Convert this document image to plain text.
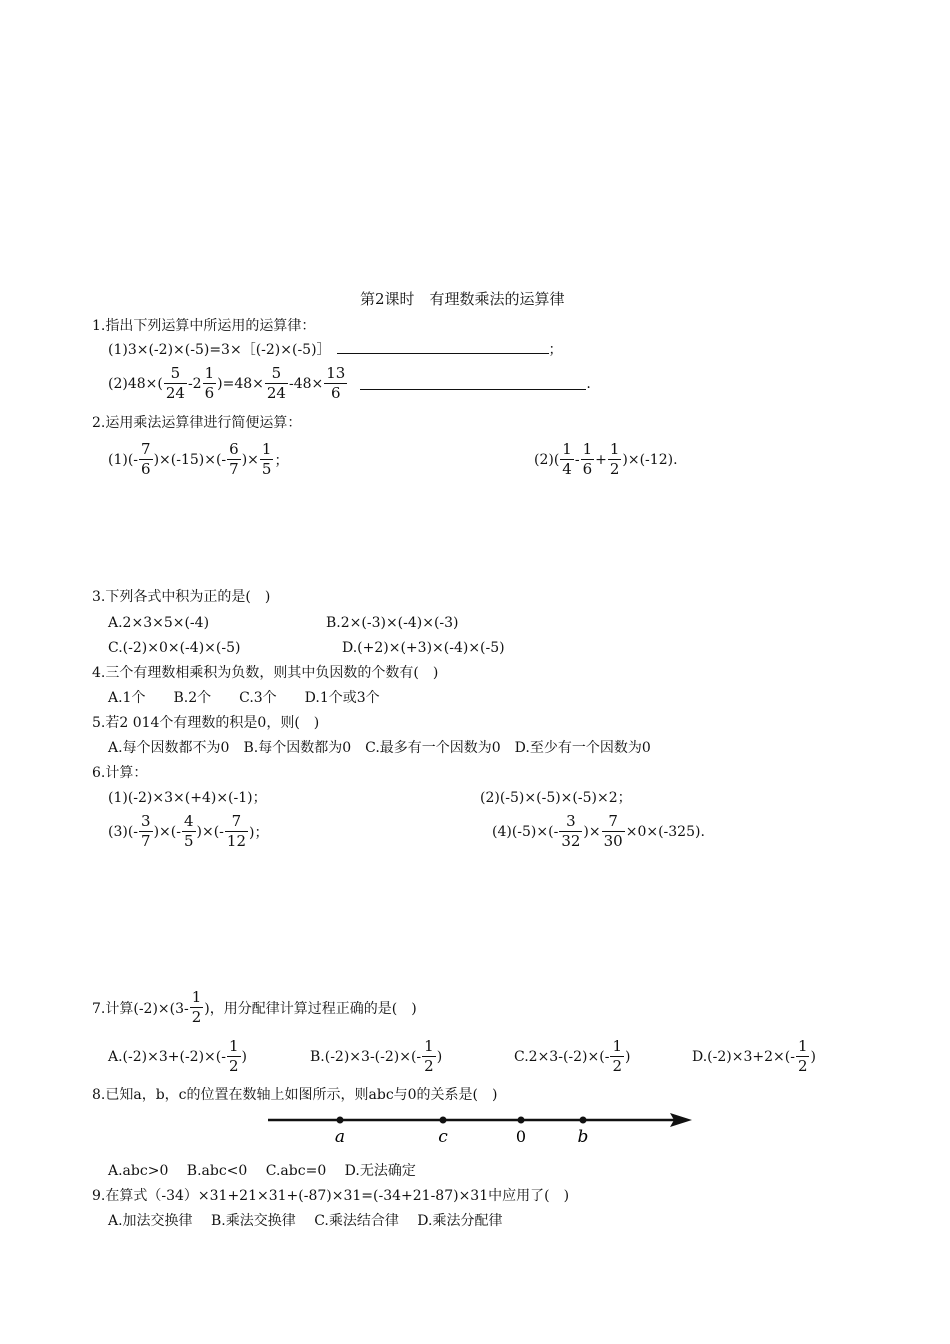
第2课时　有理数乘法的运算律
1.指出下列运算中所运用的运算律：
(1)3×(-2)×(-5)=3×［(-2)×(-5)］	；
$(2)48\times( \frac{5}{24} -2 \frac{1}{6} )=48\times \frac{5}{24} -48\times \frac{13}{6}$	.
2.运用乘法运算律进行简便运算：
$(1)(- \frac{7}{6} )\times(-15)\times(- \frac{6}{7}$ )× $\frac{1}{5}$ ；	$(2)( \frac{1}{4} - \frac{1}{6} + \frac{1}{2} )\times(-12)$.
3.下列各式中积为正的是(　)
A.2×3×5×(-4)	B.2×(-3)×(-4)×(-3)
C.(-2)×0×(-4)×(-5)	D.(+2)×(+3)×(-4)×(-5)
4.三个有理数相乘积为负数，则其中负因数的个数有(　)
A.1个　　B.2个　　C.3个　　D.1个或3个
5.若2 014个有理数的积是0，则(　)
A.每个因数都不为0　B.每个因数都为0　C.最多有一个因数为0　D.至少有一个因数为0
6.计算：
(1)(-2)×3×(+4)×(-1)；	(2)(-5)×(-5)×(-5)×2；
$(3)(- \frac{3}{7}$ )×(- $\frac{4}{5}$ )×(- $\frac{7}{12}$ )；	$(4)(-5)\times(- \frac{3}{32}$ )× $\frac{7}{30} \times 0\times(-325)$.
7.计算$(-2)\times(3- \frac{1}{2}$ )，用分配律计算过程正确的是(　)
$A.(-2)\times 3+(-2)\times(- \frac{1}{2}$ )	$B.(-2)\times 3-(-2)\times(- \frac{1}{2}$ )	$C.2\times 3-(-2)\times(- \frac{1}{2}$ )	$D.(-2)\times 3+2\times(- \frac{1}{2}$ )
8.已知a，b，c的位置在数轴上如图所示，则abc与0的关系是(　)
a	c	0	b
A.abc>0　 B.abc<0　 C.abc=0　 D.无法确定
9.在算式（-34）×31+21×31+(-87)×31=(-34+21-87)×31中应用了(　)
A.加法交换律　 B.乘法交换律　 C.乘法结合律　 D.乘法分配律
